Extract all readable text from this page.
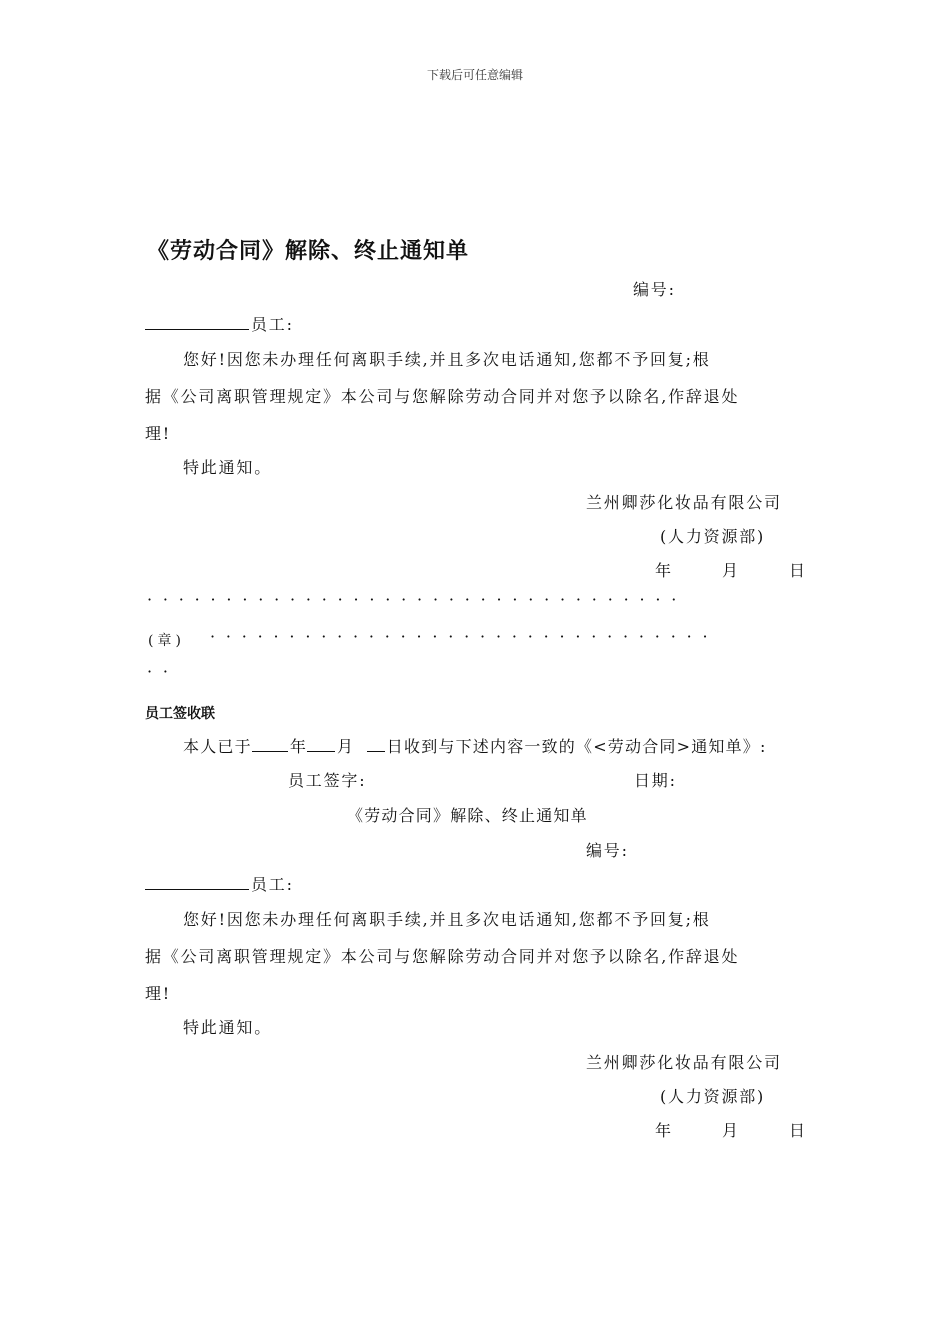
下载后可任意编辑
《劳动合同》解除、终止通知单
编号:
员工:
您好!因您未办理任何离职手续,并且多次电话通知,您都不予回复;根
据《公司离职管理规定》本公司与您解除劳动合同并对您予以除名,作辞退处
理!
特此通知。
兰州卿莎化妆品有限公司
(人力资源部)
年	月	日
··································
(章) ································
··
员工签收联
本人已于 年 月 日收到与下述内容一致的《<劳动合同>通知单》:
员工签字:	日期:
《劳动合同》解除、终止通知单
编号:
员工:
您好!因您未办理任何离职手续,并且多次电话通知,您都不予回复;根
据《公司离职管理规定》本公司与您解除劳动合同并对您予以除名,作辞退处
理!
特此通知。
兰州卿莎化妆品有限公司
(人力资源部)
年	月	日
